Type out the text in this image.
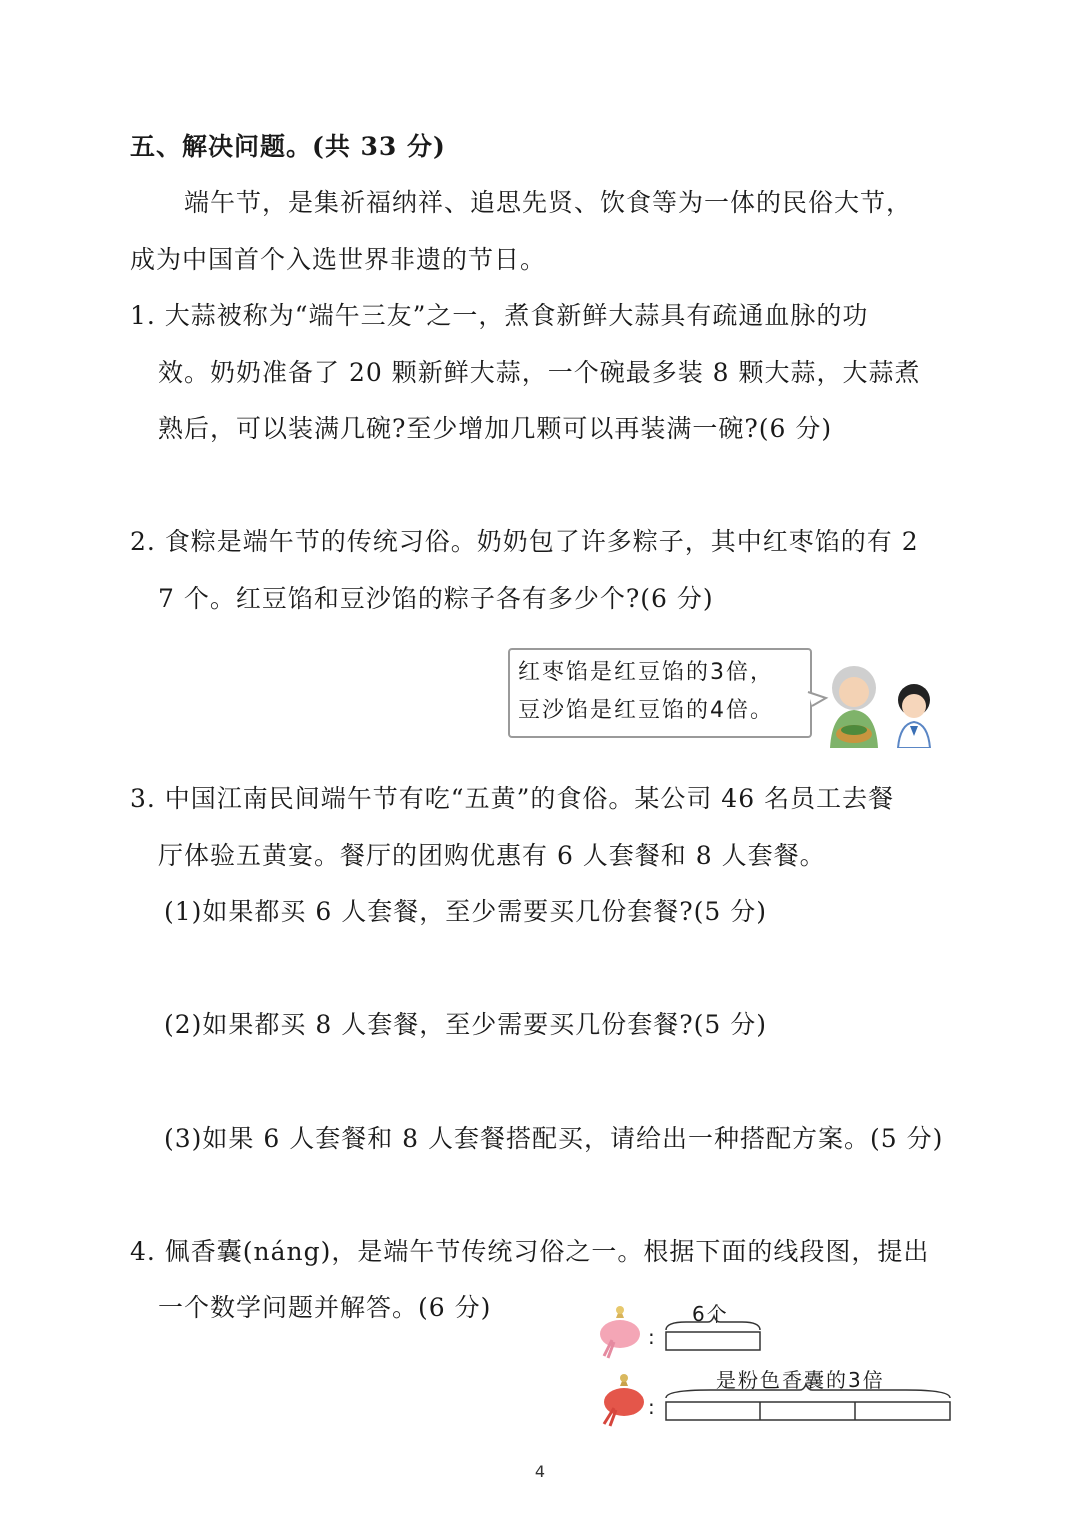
五、解决问题。(共 33 分)
端午节，是集祈福纳祥、追思先贤、饮食等为一体的民俗大节，
成为中国首个入选世界非遗的节日。
1. 大蒜被称为“端午三友”之一，煮食新鲜大蒜具有疏通血脉的功
效。奶奶准备了 20 颗新鲜大蒜，一个碗最多装 8 颗大蒜，大蒜煮
熟后，可以装满几碗?至少增加几颗可以再装满一碗?(6 分)
2. 食粽是端午节的传统习俗。奶奶包了许多粽子，其中红枣馅的有 2
7 个。红豆馅和豆沙馅的粽子各有多少个?(6 分)
红枣馅是红豆馅的3倍，
豆沙馅是红豆馅的4倍。
3. 中国江南民间端午节有吃“五黄”的食俗。某公司 46 名员工去餐
厅体验五黄宴。餐厅的团购优惠有 6 人套餐和 8 人套餐。
(1)如果都买 6 人套餐，至少需要买几份套餐?(5 分)
(2)如果都买 8 人套餐，至少需要买几份套餐?(5 分)
(3)如果 6 人套餐和 8 人套餐搭配买，请给出一种搭配方案。(5 分)
4. 佩香囊(náng)，是端午节传统习俗之一。根据下面的线段图，提出
一个数学问题并解答。(6 分)	6个
是粉色香囊的3倍
:
:
4
